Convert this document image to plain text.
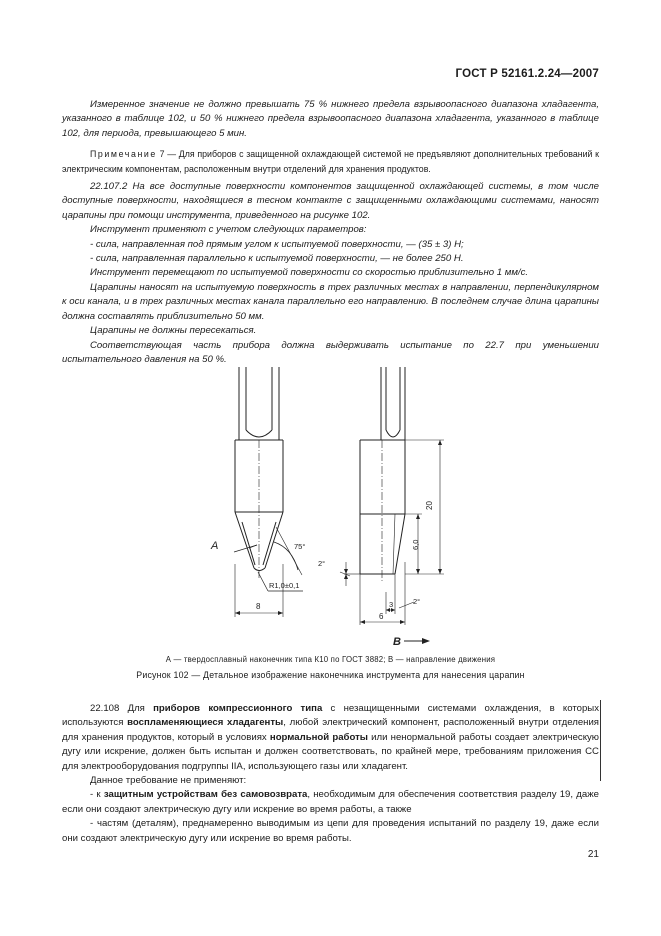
ГОСТ Р 52161.2.24—2007

Измеренное значение не должно превышать 75 % нижнего предела взрывоопасного диапазона хладагента, указанного в таблице 102, и 50 % нижнего предела взрывоопасного диапазона хладагента, указанного в таблице 102, для периода, превышающего 5 мин.

Примечание 7 — Для приборов с защищенной охлаждающей системой не предъявляют дополнительных требований к электрическим компонентам, расположенным внутри отделений для хранения продуктов.

22.107.2 На все доступные поверхности компонентов защищенной охлаждающей системы, в том числе доступные поверхности, находящиеся в тесном контакте с защищенными охлаждающими системами, наносят царапины при помощи инструмента, приведенного на рисунке 102.

Инструмент применяют с учетом следующих параметров:

- сила, направленная под прямым углом к испытуемой поверхности, — (35 ± 3) Н;

- сила, направленная параллельно к испытуемой поверхности, — не более 250 Н.

Инструмент перемещают по испытуемой поверхности со скоростью приблизительно 1 мм/с.

Царапины наносят на испытуемую поверхность в трех различных местах в направлении, перпендикулярном к оси канала, и в трех различных местах канала параллельно его направлению. В последнем случае длина царапины должна составлять приблизительно 50 мм.

Царапины не должны пересекаться.

Соответствующая часть прибора должна выдерживать испытание по 22.7 при уменьшении испытательного давления на 50 %.

A	75°
R1,0±0,1
8
20
6,0
2°
3	2°
6
B
А — твердосплавный наконечник типа К10 по ГОСТ 3882; В — направление движения
Рисунок 102 — Детальное изображение наконечника инструмента для нанесения царапин

22.108 Для приборов компрессионного типа с незащищенными системами охлаждения, в которых используются воспламеняющиеся хладагенты, любой электрический компонент, расположенный внутри отделения для хранения продуктов, который в условиях нормальной работы или ненормальной работы создает электрическую дугу или искрение, должен быть испытан и должен соответствовать, по крайней мере, требованиям приложения СС для электрооборудования подгруппы IIА, использующего газы или хладагент.

Данное требование не применяют:

- к защитным устройствам без самовозврата, необходимым для обеспечения соответствия разделу 19, даже если они создают электрическую дугу или искрение во время работы, а также

- частям (деталям), преднамеренно выводимым из цепи для проведения испытаний по разделу 19, даже если они создают электрическую дугу или искрение во время работы.

21
